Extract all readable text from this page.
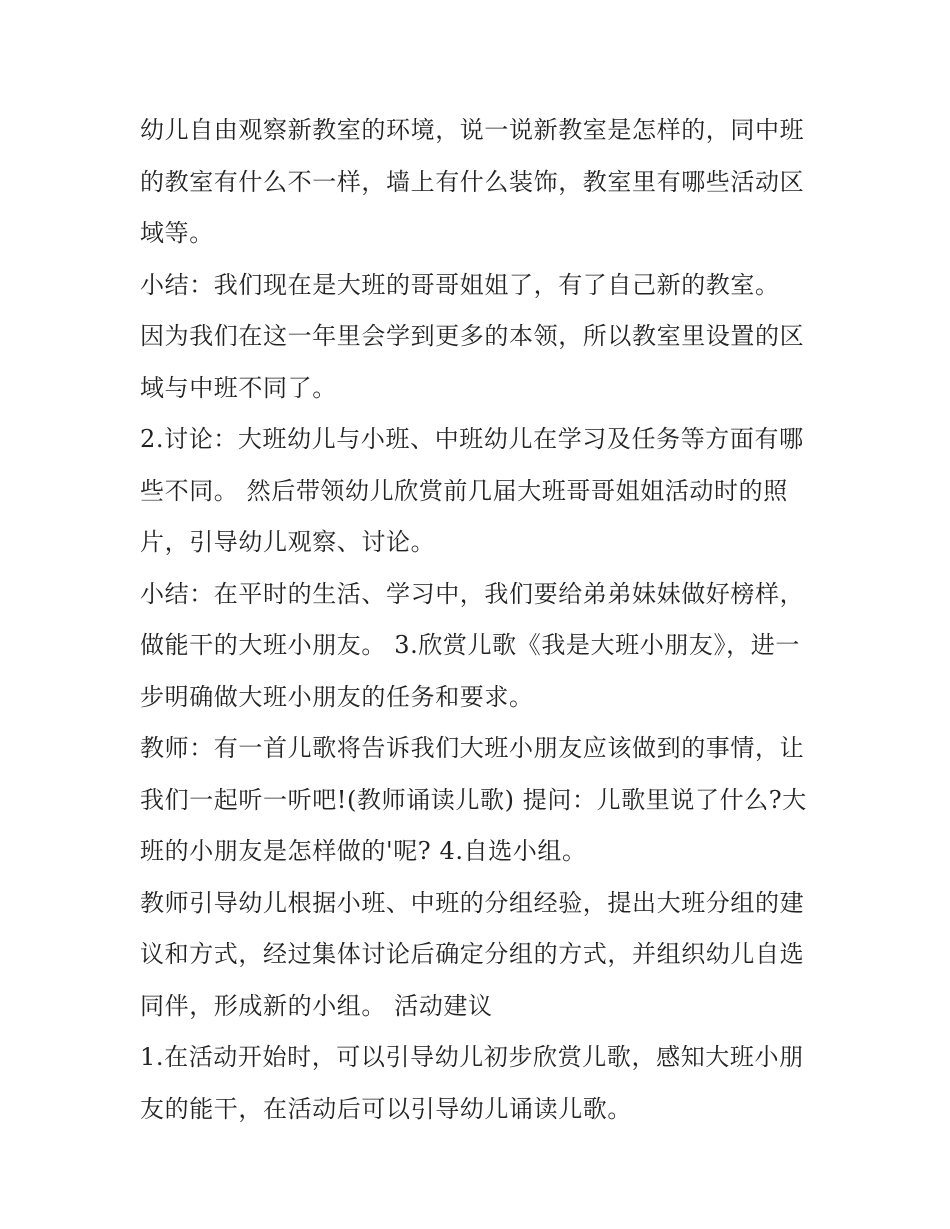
幼儿自由观察新教室的环境，说一说新教室是怎样的，同中班的教室有什么不一样，墙上有什么装饰，教室里有哪些活动区域等。

小结：我们现在是大班的哥哥姐姐了，有了自己新的教室。

因为我们在这一年里会学到更多的本领，所以教室里设置的区域与中班不同了。

2.讨论：大班幼儿与小班、中班幼儿在学习及任务等方面有哪些不同。 然后带领幼儿欣赏前几届大班哥哥姐姐活动时的照片，引导幼儿观察、讨论。

小结：在平时的生活、学习中，我们要给弟弟妹妹做好榜样，做能干的大班小朋友。 3.欣赏儿歌《我是大班小朋友》，进一步明确做大班小朋友的任务和要求。

教师：有一首儿歌将告诉我们大班小朋友应该做到的事情，让我们一起听一听吧!(教师诵读儿歌) 提问：儿歌里说了什么?大班的小朋友是怎样做的'呢? 4.自选小组。

教师引导幼儿根据小班、中班的分组经验，提出大班分组的建议和方式，经过集体讨论后确定分组的方式，并组织幼儿自选同伴，形成新的小组。 活动建议

1.在活动开始时，可以引导幼儿初步欣赏儿歌，感知大班小朋友的能干，在活动后可以引导幼儿诵读儿歌。
